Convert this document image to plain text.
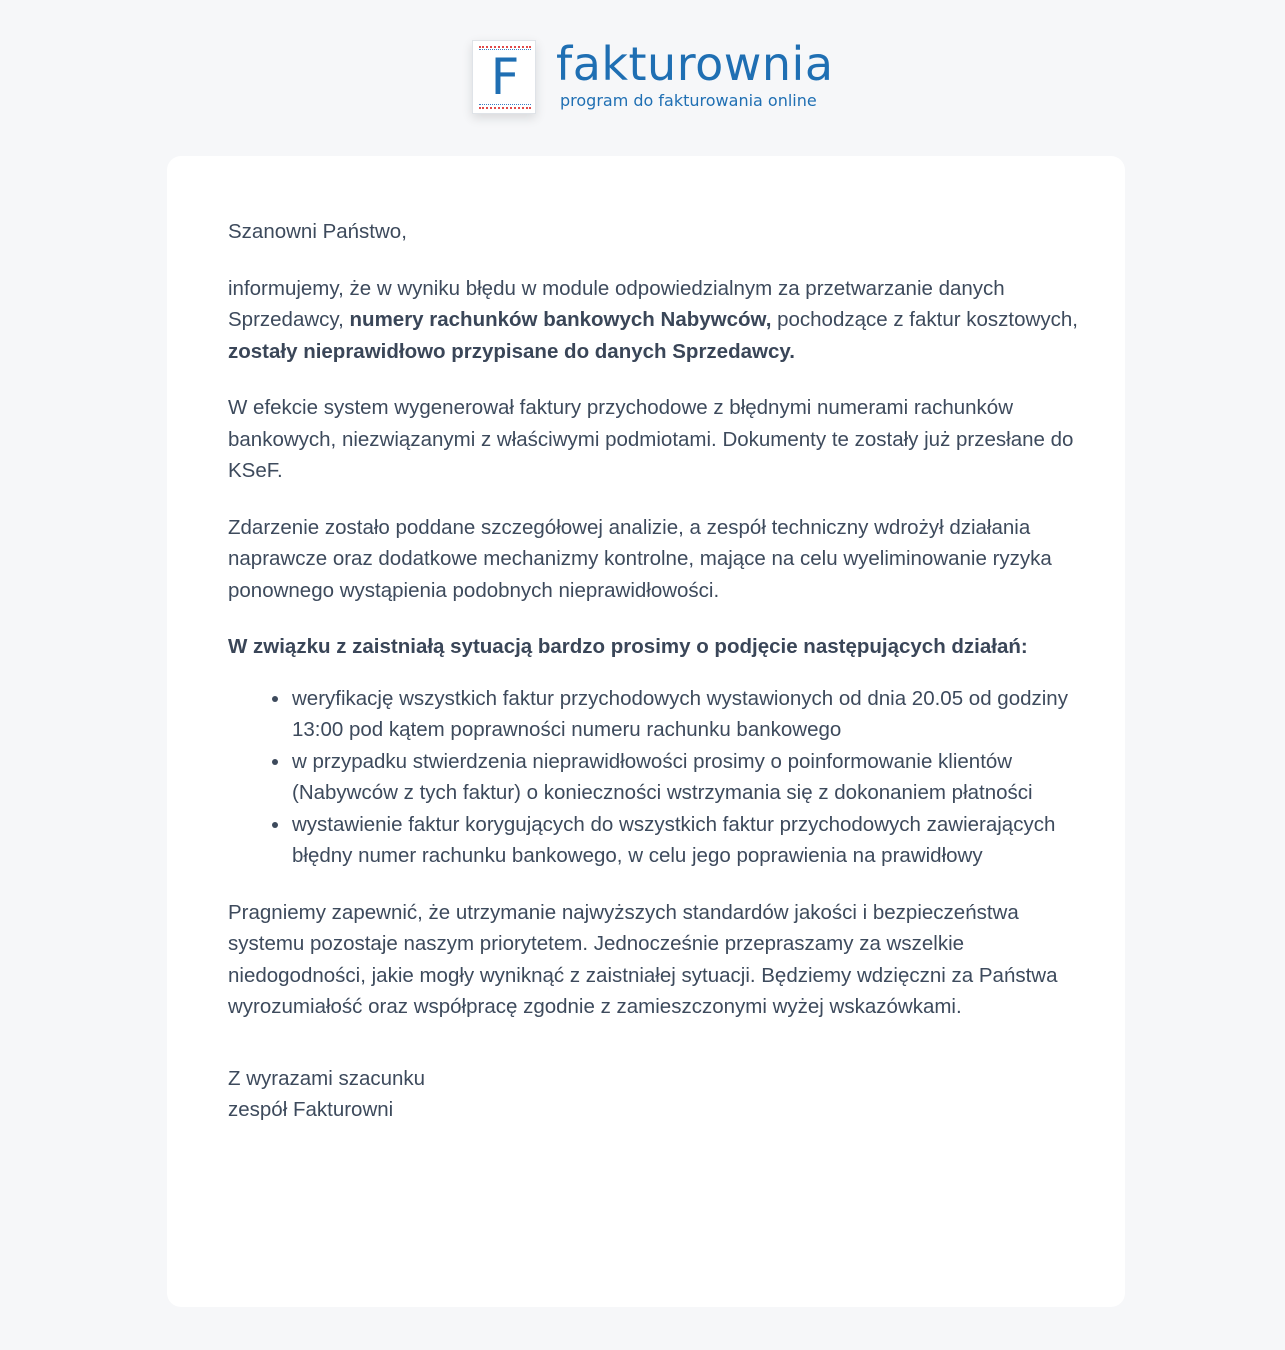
F fakturownia
program do fakturowania online

Szanowni Państwo,

informujemy, że w wyniku błędu w module odpowiedzialnym za przetwarzanie danych Sprzedawcy, numery rachunków bankowych Nabywców, pochodzące z faktur kosztowych, zostały nieprawidłowo przypisane do danych Sprzedawcy.

W efekcie system wygenerował faktury przychodowe z błędnymi numerami rachunków bankowych, niezwiązanymi z właściwymi podmiotami. Dokumenty te zostały już przesłane do KSeF.

Zdarzenie zostało poddane szczegółowej analizie, a zespół techniczny wdrożył działania naprawcze oraz dodatkowe mechanizmy kontrolne, mające na celu wyeliminowanie ryzyka ponownego wystąpienia podobnych nieprawidłowości.

W związku z zaistniałą sytuacją bardzo prosimy o podjęcie następujących działań:

weryfikację wszystkich faktur przychodowych wystawionych od dnia 20.05 od godziny 13:00 pod kątem poprawności numeru rachunku bankowego
w przypadku stwierdzenia nieprawidłowości prosimy o poinformowanie klientów (Nabywców z tych faktur) o konieczności wstrzymania się z dokonaniem płatności
wystawienie faktur korygujących do wszystkich faktur przychodowych zawierających błędny numer rachunku bankowego, w celu jego poprawienia na prawidłowy

Pragniemy zapewnić, że utrzymanie najwyższych standardów jakości i bezpieczeństwa systemu pozostaje naszym priorytetem. Jednocześnie przepraszamy za wszelkie niedogodności, jakie mogły wyniknąć z zaistniałej sytuacji. Będziemy wdzięczni za Państwa wyrozumiałość oraz współpracę zgodnie z zamieszczonymi wyżej wskazówkami.

Z wyrazami szacunku

zespół Fakturowni
